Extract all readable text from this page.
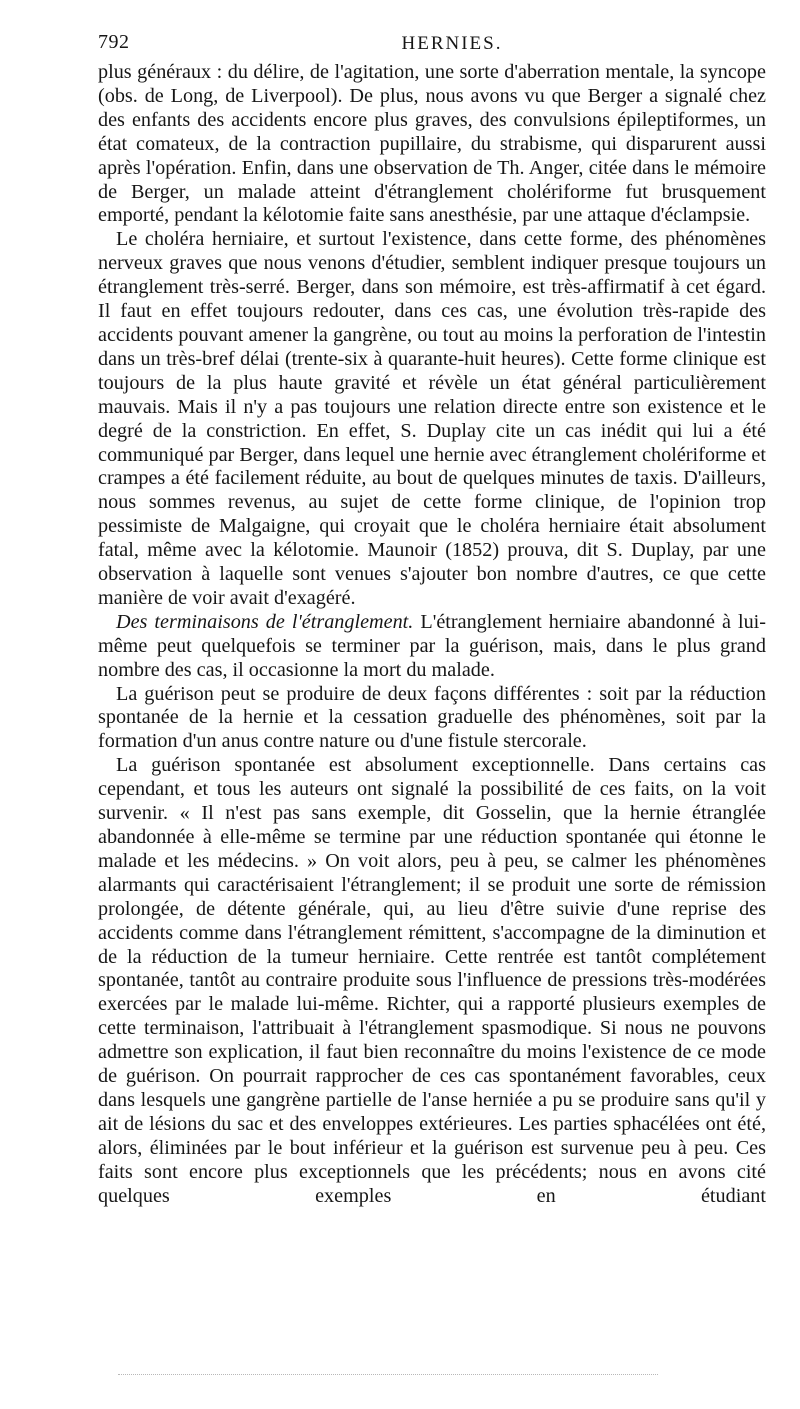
792	HERNIES.

plus généraux : du délire, de l'agitation, une sorte d'aberration mentale, la syncope (obs. de Long, de Liverpool). De plus, nous avons vu que Berger a signalé chez des enfants des accidents encore plus graves, des convulsions épileptiformes, un état comateux, de la contraction pupillaire, du strabisme, qui disparurent aussi après l'opération. Enfin, dans une observation de Th. Anger, citée dans le mémoire de Berger, un malade atteint d'étranglement cholériforme fut brusquement emporté, pendant la kélotomie faite sans anesthésie, par une attaque d'éclampsie.

Le choléra herniaire, et surtout l'existence, dans cette forme, des phénomènes nerveux graves que nous venons d'étudier, semblent indiquer presque toujours un étranglement très-serré. Berger, dans son mémoire, est très-affirmatif à cet égard. Il faut en effet toujours redouter, dans ces cas, une évolution très-rapide des accidents pouvant amener la gangrène, ou tout au moins la perforation de l'intestin dans un très-bref délai (trente-six à quarante-huit heures). Cette forme clinique est toujours de la plus haute gravité et révèle un état général particulièrement mauvais. Mais il n'y a pas toujours une relation directe entre son existence et le degré de la constriction. En effet, S. Duplay cite un cas inédit qui lui a été communiqué par Berger, dans lequel une hernie avec étranglement cholériforme et crampes a été facilement réduite, au bout de quelques minutes de taxis. D'ailleurs, nous sommes revenus, au sujet de cette forme clinique, de l'opinion trop pessimiste de Malgaigne, qui croyait que le choléra herniaire était absolument fatal, même avec la kélotomie. Maunoir (1852) prouva, dit S. Duplay, par une observation à laquelle sont venues s'ajouter bon nombre d'autres, ce que cette manière de voir avait d'exagéré.

Des terminaisons de l'étranglement. L'étranglement herniaire abandonné à lui-même peut quelquefois se terminer par la guérison, mais, dans le plus grand nombre des cas, il occasionne la mort du malade.

La guérison peut se produire de deux façons différentes : soit par la réduction spontanée de la hernie et la cessation graduelle des phénomènes, soit par la formation d'un anus contre nature ou d'une fistule stercorale.

La guérison spontanée est absolument exceptionnelle. Dans certains cas cependant, et tous les auteurs ont signalé la possibilité de ces faits, on la voit survenir. « Il n'est pas sans exemple, dit Gosselin, que la hernie étranglée abandonnée à elle-même se termine par une réduction spontanée qui étonne le malade et les médecins. » On voit alors, peu à peu, se calmer les phénomènes alarmants qui caractérisaient l'étranglement; il se produit une sorte de rémission prolongée, de détente générale, qui, au lieu d'être suivie d'une reprise des accidents comme dans l'étranglement rémittent, s'accompagne de la diminution et de la réduction de la tumeur herniaire. Cette rentrée est tantôt complétement spontanée, tantôt au contraire produite sous l'influence de pressions très-modérées exercées par le malade lui-même. Richter, qui a rapporté plusieurs exemples de cette terminaison, l'attribuait à l'étranglement spasmodique. Si nous ne pouvons admettre son explication, il faut bien reconnaître du moins l'existence de ce mode de guérison. On pourrait rapprocher de ces cas spontanément favorables, ceux dans lesquels une gangrène partielle de l'anse herniée a pu se produire sans qu'il y ait de lésions du sac et des enveloppes extérieures. Les parties sphacélées ont été, alors, éliminées par le bout inférieur et la guérison est survenue peu à peu. Ces faits sont encore plus exceptionnels que les précédents; nous en avons cité quelques exemples en étudiant
